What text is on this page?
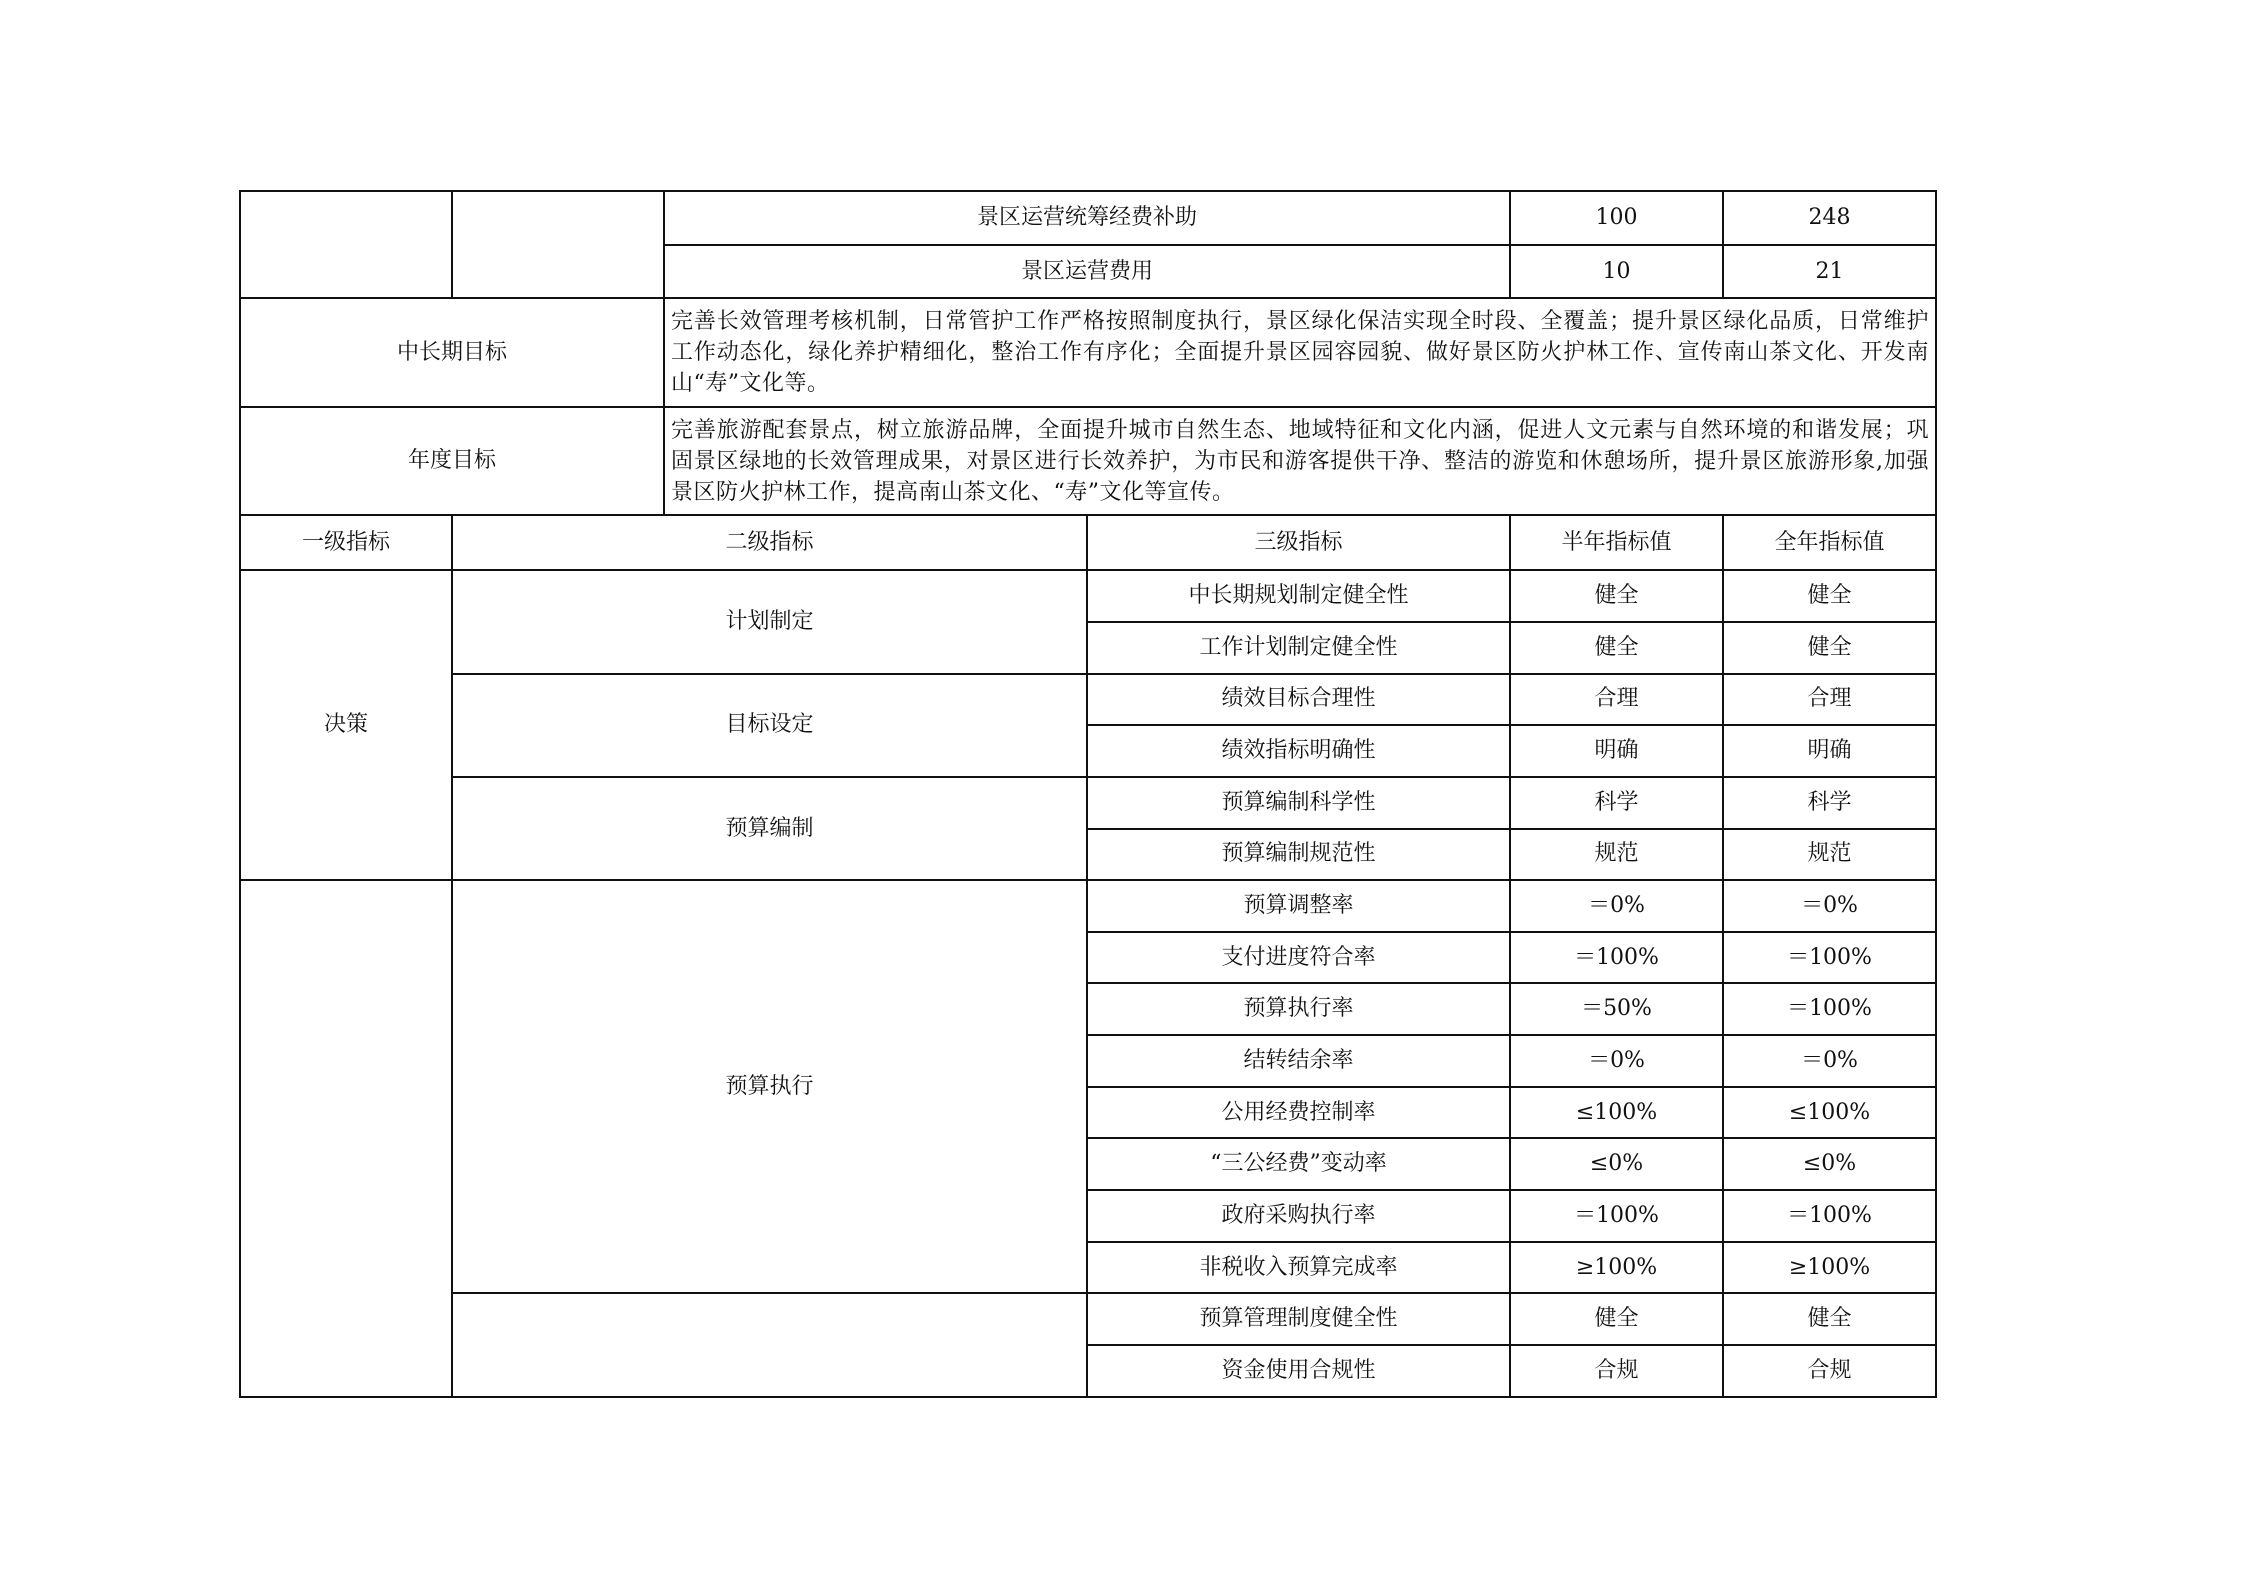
		景区运营统筹经费补助		100	248
		景区运营费用		10	21
中长期目标		完善长效管理考核机制，日常管护工作严格按照制度执行，景区绿化保洁实现全时段、全覆盖；提升景区绿化品质，日常维护工作动态化，绿化养护精细化，整治工作有序化；全面提升景区园容园貌、做好景区防火护林工作、宣传南山茶文化、开发南山“寿”文化等。			
年度目标		完善旅游配套景点，树立旅游品牌，全面提升城市自然生态、地域特征和文化内涵，促进人文元素与自然环境的和谐发展；巩固景区绿地的长效管理成果，对景区进行长效养护，为市民和游客提供干净、整洁的游览和休憩场所，提升景区旅游形象,加强景区防火护林工作，提高南山茶文化、“寿”文化等宣传。			
一级指标	二级指标		三级指标	半年指标值	全年指标值
决策	计划制定		中长期规划制定健全性	健全	健全
			工作计划制定健全性	健全	健全
	目标设定		绩效目标合理性	合理	合理
			绩效指标明确性	明确	明确
	预算编制		预算编制科学性	科学	科学
			预算编制规范性	规范	规范
	预算执行		预算调整率	＝0%	＝0%
			支付进度符合率	＝100%	＝100%
			预算执行率	＝50%	＝100%
			结转结余率	＝0%	＝0%
			公用经费控制率	≤100%	≤100%
			“三公经费”变动率	≤0%	≤0%
			政府采购执行率	＝100%	＝100%
			非税收入预算完成率	≥100%	≥100%
			预算管理制度健全性	健全	健全
			资金使用合规性	合规	合规
